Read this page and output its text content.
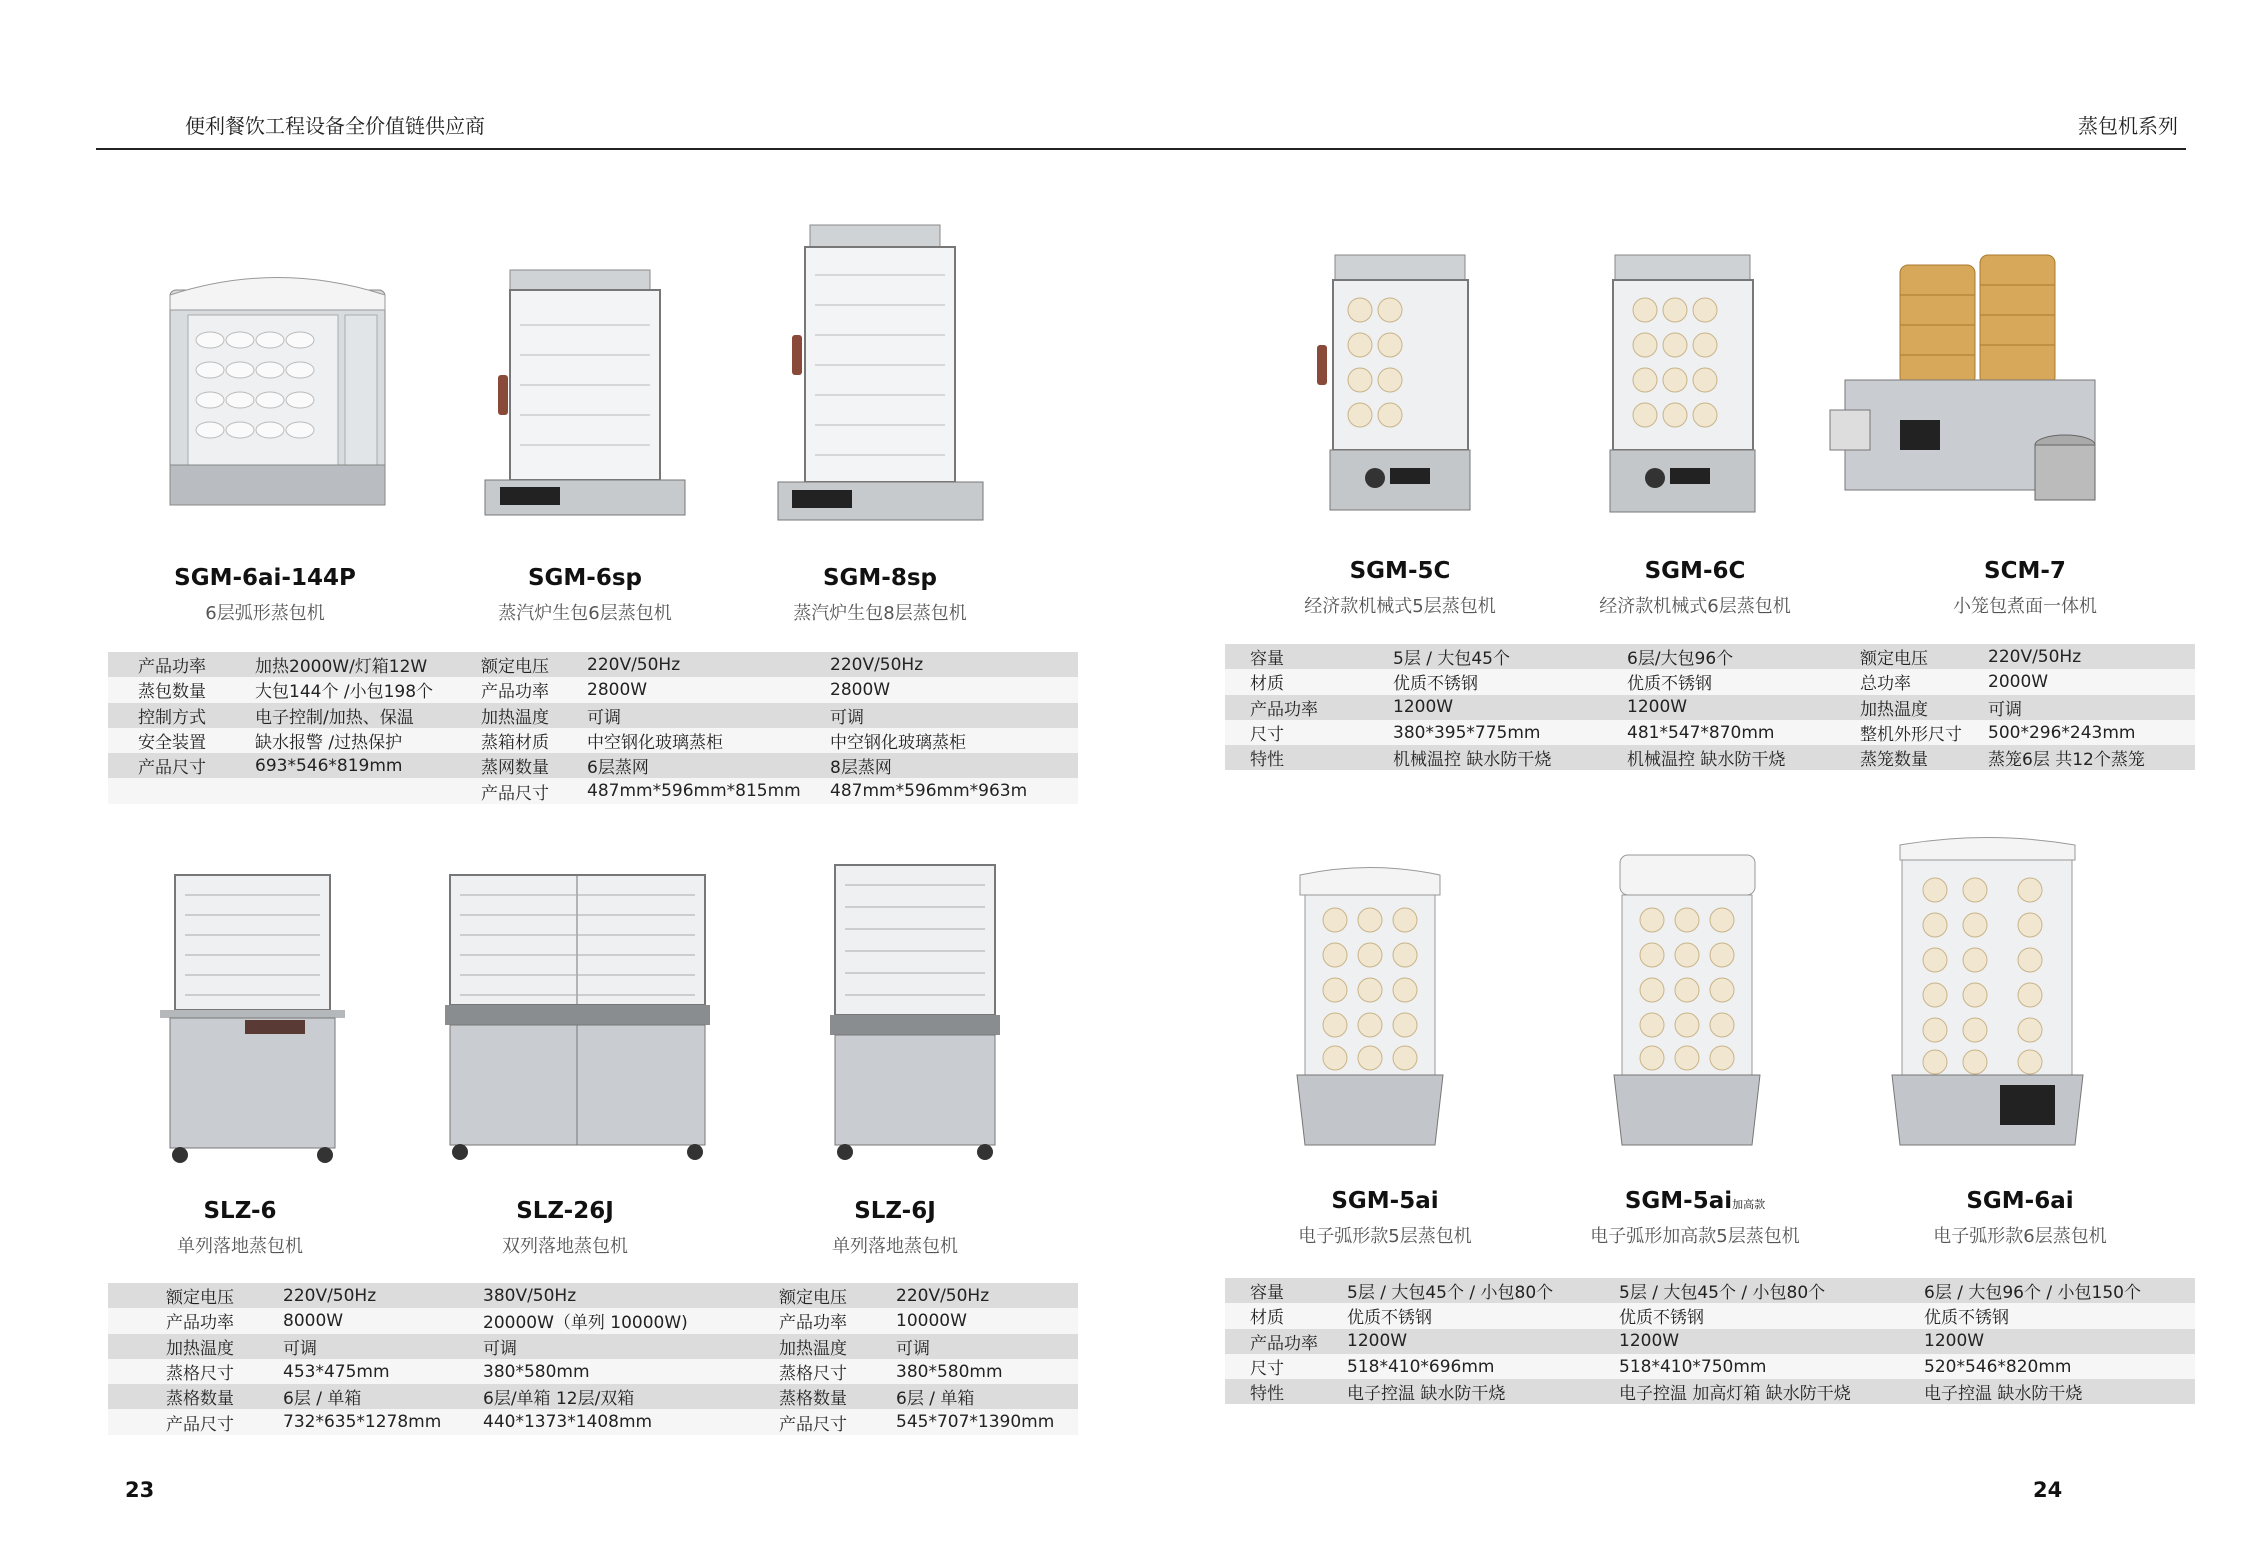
便利餐饮工程设备全价值链供应商	蒸包机系列
SGM-6ai-144P
6层弧形蒸包机
SGM-6sp
蒸汽炉生包6层蒸包机
SGM-8sp
蒸汽炉生包8层蒸包机
SGM-5C
经济款机械式5层蒸包机
SGM-6C
经济款机械式6层蒸包机
SCM-7
小笼包煮面一体机
SLZ-6
单列落地蒸包机
SLZ-26J
双列落地蒸包机
SLZ-6J
单列落地蒸包机
SGM-5ai
电子弧形款5层蒸包机
SGM-5ai加高款
电子弧形加高款5层蒸包机
SGM-6ai
电子弧形款6层蒸包机
产品功率	加热2000W/灯箱12W	额定电压	220V/50Hz	220V/50Hz
蒸包数量	大包144个 /小包198个	产品功率	2800W	2800W
控制方式	电子控制/加热、保温	加热温度	可调	可调
安全装置	缺水报警 /过热保护	蒸箱材质	中空钢化玻璃蒸柜	中空钢化玻璃蒸柜
产品尺寸	693*546*819mm	蒸网数量	6层蒸网	8层蒸网
		产品尺寸	487mm*596mm*815mm	487mm*596mm*963m
容量	5层 / 大包45个	6层/大包96个	额定电压	220V/50Hz
材质	优质不锈钢	优质不锈钢	总功率	2000W
产品功率	1200W	1200W	加热温度	可调
尺寸	380*395*775mm	481*547*870mm	整机外形尺寸	500*296*243mm
特性	机械温控 缺水防干烧	机械温控 缺水防干烧	蒸笼数量	蒸笼6层 共12个蒸笼
额定电压	220V/50Hz	380V/50Hz	额定电压	220V/50Hz
产品功率	8000W	20000W（单列 10000W)	产品功率	10000W
加热温度	可调	可调	加热温度	可调
蒸格尺寸	453*475mm	380*580mm	蒸格尺寸	380*580mm
蒸格数量	6层 / 单箱	6层/单箱 12层/双箱	蒸格数量	6层 / 单箱
产品尺寸	732*635*1278mm	440*1373*1408mm	产品尺寸	545*707*1390mm
容量	5层 / 大包45个 / 小包80个	5层 / 大包45个 / 小包80个	6层 / 大包96个 / 小包150个
材质	优质不锈钢	优质不锈钢	优质不锈钢
产品功率	1200W	1200W	1200W
尺寸	518*410*696mm	518*410*750mm	520*546*820mm
特性	电子控温 缺水防干烧	电子控温 加高灯箱 缺水防干烧	电子控温 缺水防干烧
23	24
